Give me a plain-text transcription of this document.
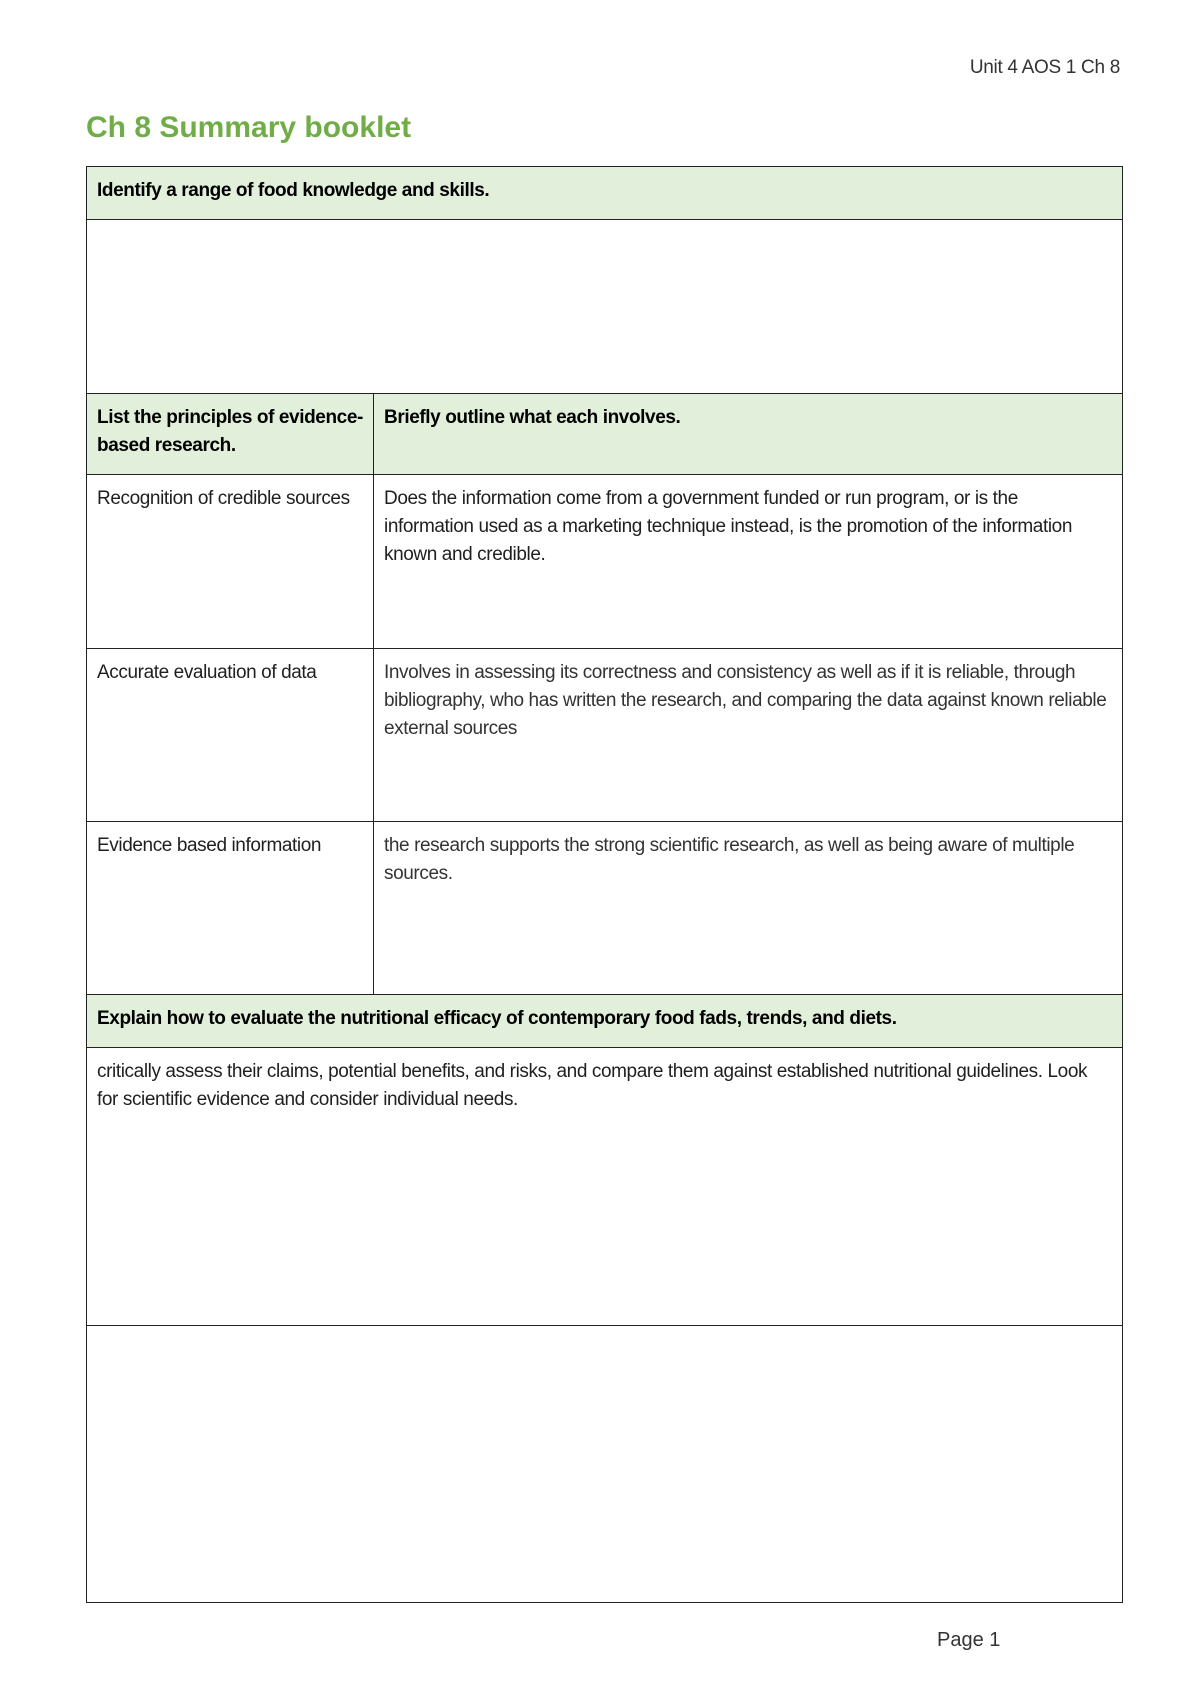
Unit 4 AOS 1 Ch 8
Ch 8 Summary booklet
Identify a range of food knowledge and skills.	

List the principles of evidence-based research.	Briefly outline what each involves.
Recognition of credible sources	Does the information come from a government funded or run program, or is the information used as a marketing technique instead, is the promotion of the information known and credible.
Accurate evaluation of data	Involves in assessing its correctness and consistency as well as if it is reliable, through bibliography, who has written the research, and comparing the data against known reliable external sources
Evidence based information	the research supports the strong scientific research, as well as being aware of multiple sources.
Explain how to evaluate the nutritional efficacy of contemporary food fads, trends, and diets.	
critically assess their claims, potential benefits, and risks, and compare them against established nutritional guidelines. Look for scientific evidence and consider individual needs.	

Page 1
